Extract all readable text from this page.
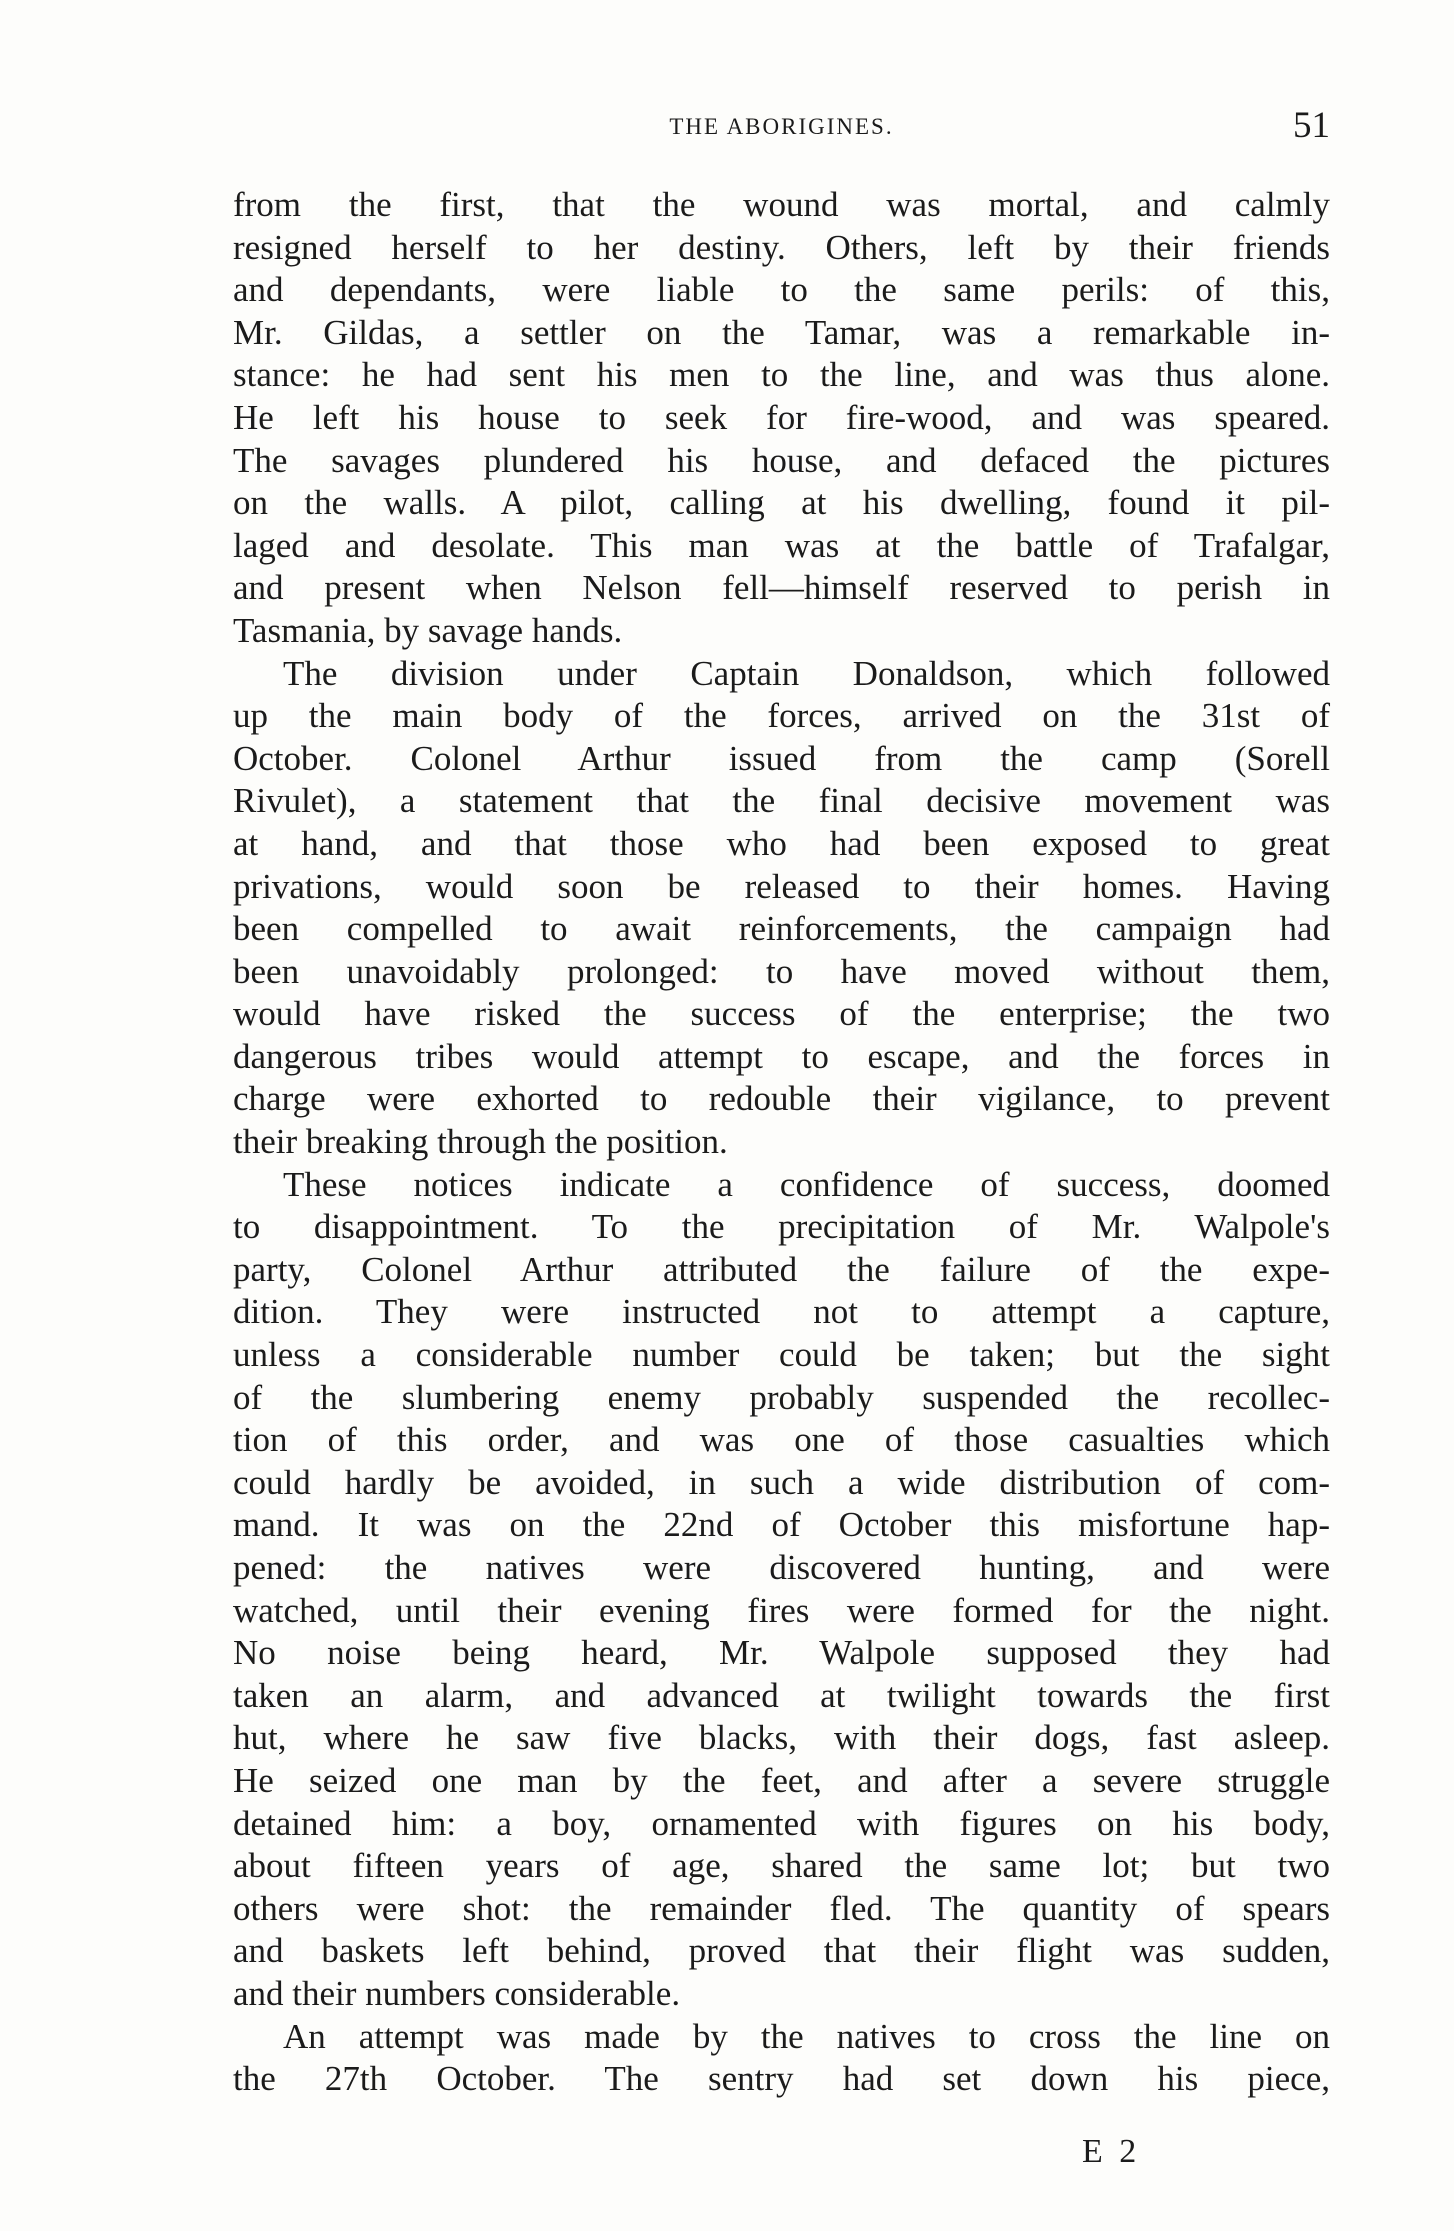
THE ABORIGINES.	51
from the first, that the wound was mortal, and calmly
resigned herself to her destiny. Others, left by their friends
and dependants, were liable to the same perils: of this,
Mr. Gildas, a settler on the Tamar, was a remarkable in-
stance: he had sent his men to the line, and was thus alone.
He left his house to seek for fire-wood, and was speared.
The savages plundered his house, and defaced the pictures
on the walls. A pilot, calling at his dwelling, found it pil-
laged and desolate. This man was at the battle of Trafalgar,
and present when Nelson fell—himself reserved to perish in
Tasmania, by savage hands.
The division under Captain Donaldson, which followed
up the main body of the forces, arrived on the 31st of
October. Colonel Arthur issued from the camp (Sorell
Rivulet), a statement that the final decisive movement was
at hand, and that those who had been exposed to great
privations, would soon be released to their homes. Having
been compelled to await reinforcements, the campaign had
been unavoidably prolonged: to have moved without them,
would have risked the success of the enterprise; the two
dangerous tribes would attempt to escape, and the forces in
charge were exhorted to redouble their vigilance, to prevent
their breaking through the position.
These notices indicate a confidence of success, doomed
to disappointment. To the precipitation of Mr. Walpole's
party, Colonel Arthur attributed the failure of the expe-
dition. They were instructed not to attempt a capture,
unless a considerable number could be taken; but the sight
of the slumbering enemy probably suspended the recollec-
tion of this order, and was one of those casualties which
could hardly be avoided, in such a wide distribution of com-
mand. It was on the 22nd of October this misfortune hap-
pened: the natives were discovered hunting, and were
watched, until their evening fires were formed for the night.
No noise being heard, Mr. Walpole supposed they had
taken an alarm, and advanced at twilight towards the first
hut, where he saw five blacks, with their dogs, fast asleep.
He seized one man by the feet, and after a severe struggle
detained him: a boy, ornamented with figures on his body,
about fifteen years of age, shared the same lot; but two
others were shot: the remainder fled. The quantity of spears
and baskets left behind, proved that their flight was sudden,
and their numbers considerable.
An attempt was made by the natives to cross the line on
the 27th October. The sentry had set down his piece,
E 2
